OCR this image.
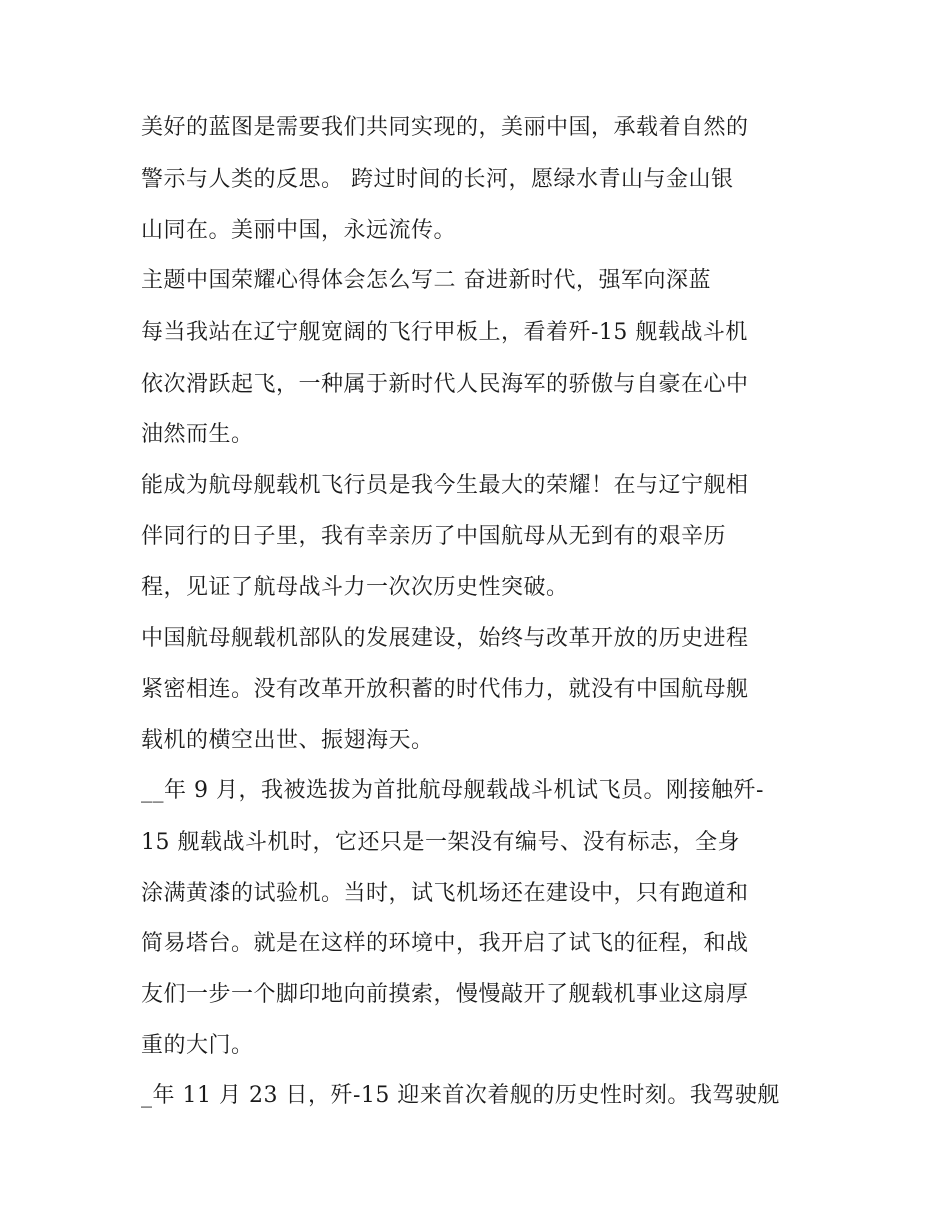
美好的蓝图是需要我们共同实现的，美丽中国，承载着自然的
警示与人类的反思。 跨过时间的长河，愿绿水青山与金山银
山同在。美丽中国，永远流传。
主题中国荣耀心得体会怎么写二 奋进新时代，强军向深蓝
每当我站在辽宁舰宽阔的飞行甲板上，看着歼-15 舰载战斗机
依次滑跃起飞，一种属于新时代人民海军的骄傲与自豪在心中
油然而生。
能成为航母舰载机飞行员是我今生最大的荣耀！在与辽宁舰相
伴同行的日子里，我有幸亲历了中国航母从无到有的艰辛历
程，见证了航母战斗力一次次历史性突破。
中国航母舰载机部队的发展建设，始终与改革开放的历史进程
紧密相连。没有改革开放积蓄的时代伟力，就没有中国航母舰
载机的横空出世、振翅海天。
__年 9 月，我被选拔为首批航母舰载战斗机试飞员。刚接触歼-
15 舰载战斗机时，它还只是一架没有编号、没有标志，全身
涂满黄漆的试验机。当时，试飞机场还在建设中，只有跑道和
简易塔台。就是在这样的环境中，我开启了试飞的征程，和战
友们一步一个脚印地向前摸索，慢慢敲开了舰载机事业这扇厚
重的大门。
_年 11 月 23 日，歼-15 迎来首次着舰的历史性时刻。我驾驶舰
